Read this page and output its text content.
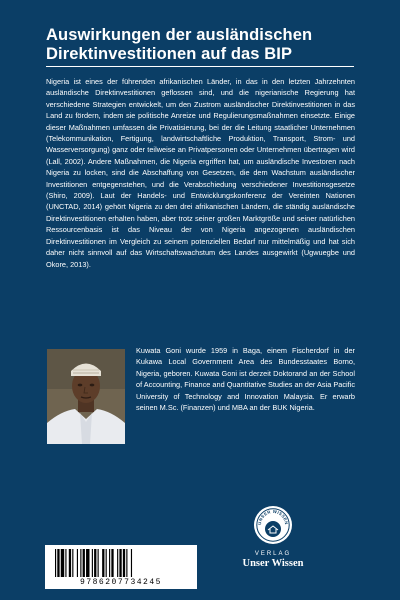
Auswirkungen der ausländischen Direktinvestitionen auf das BIP
Nigeria ist eines der führenden afrikanischen Länder, in das in den letzten Jahrzehnten ausländische Direktinvestitionen geflossen sind, und die nigerianische Regierung hat verschiedene Strategien entwickelt, um den Zustrom ausländischer Direktinvestitionen in das Land zu fördern, indem sie politische Anreize und Regulierungsmaßnahmen einsetzte. Einige dieser Maßnahmen umfassen die Privatisierung, bei der die Leitung staatlicher Unternehmen (Telekommunikation, Fertigung, landwirtschaftliche Produktion, Transport, Strom- und Wasserversorgung) ganz oder teilweise an Privatpersonen oder Unternehmen übertragen wird (Lall, 2002). Andere Maßnahmen, die Nigeria ergriffen hat, um ausländische Investoren nach Nigeria zu locken, sind die Abschaffung von Gesetzen, die dem Wachstum ausländischer Investitionen entgegenstehen, und die Verabschiedung verschiedener Investitionsgesetze (Shiro, 2009). Laut der Handels- und Entwicklungskonferenz der Vereinten Nationen (UNCTAD, 2014) gehört Nigeria zu den drei afrikanischen Ländern, die ständig ausländische Direktinvestitionen erhalten haben, aber trotz seiner großen Marktgröße und seiner natürlichen Ressourcenbasis ist das Niveau der von Nigeria angezogenen ausländischen Direktinvestitionen im Vergleich zu seinem potenziellen Bedarf nur mittelmäßig und hat sich daher nicht sinnvoll auf das Wirtschaftswachstum des Landes ausgewirkt (Ugwuegbe und Okore, 2013).
Kuwata Goni wurde 1959 in Baga, einem Fischerdorf in der Kukawa Local Government Area des Bundesstaates Borno, Nigeria, geboren. Kuwata Goni ist derzeit Doktorand an der School of Accounting, Finance and Quantitative Studies an der Asia Pacific University of Technology and Innovation Malaysia. Er erwarb seinen M.Sc. (Finanzen) und MBA an der BUK Nigeria.
UNSER WISSEN
VERLAG
Unser Wissen
9786207734245
